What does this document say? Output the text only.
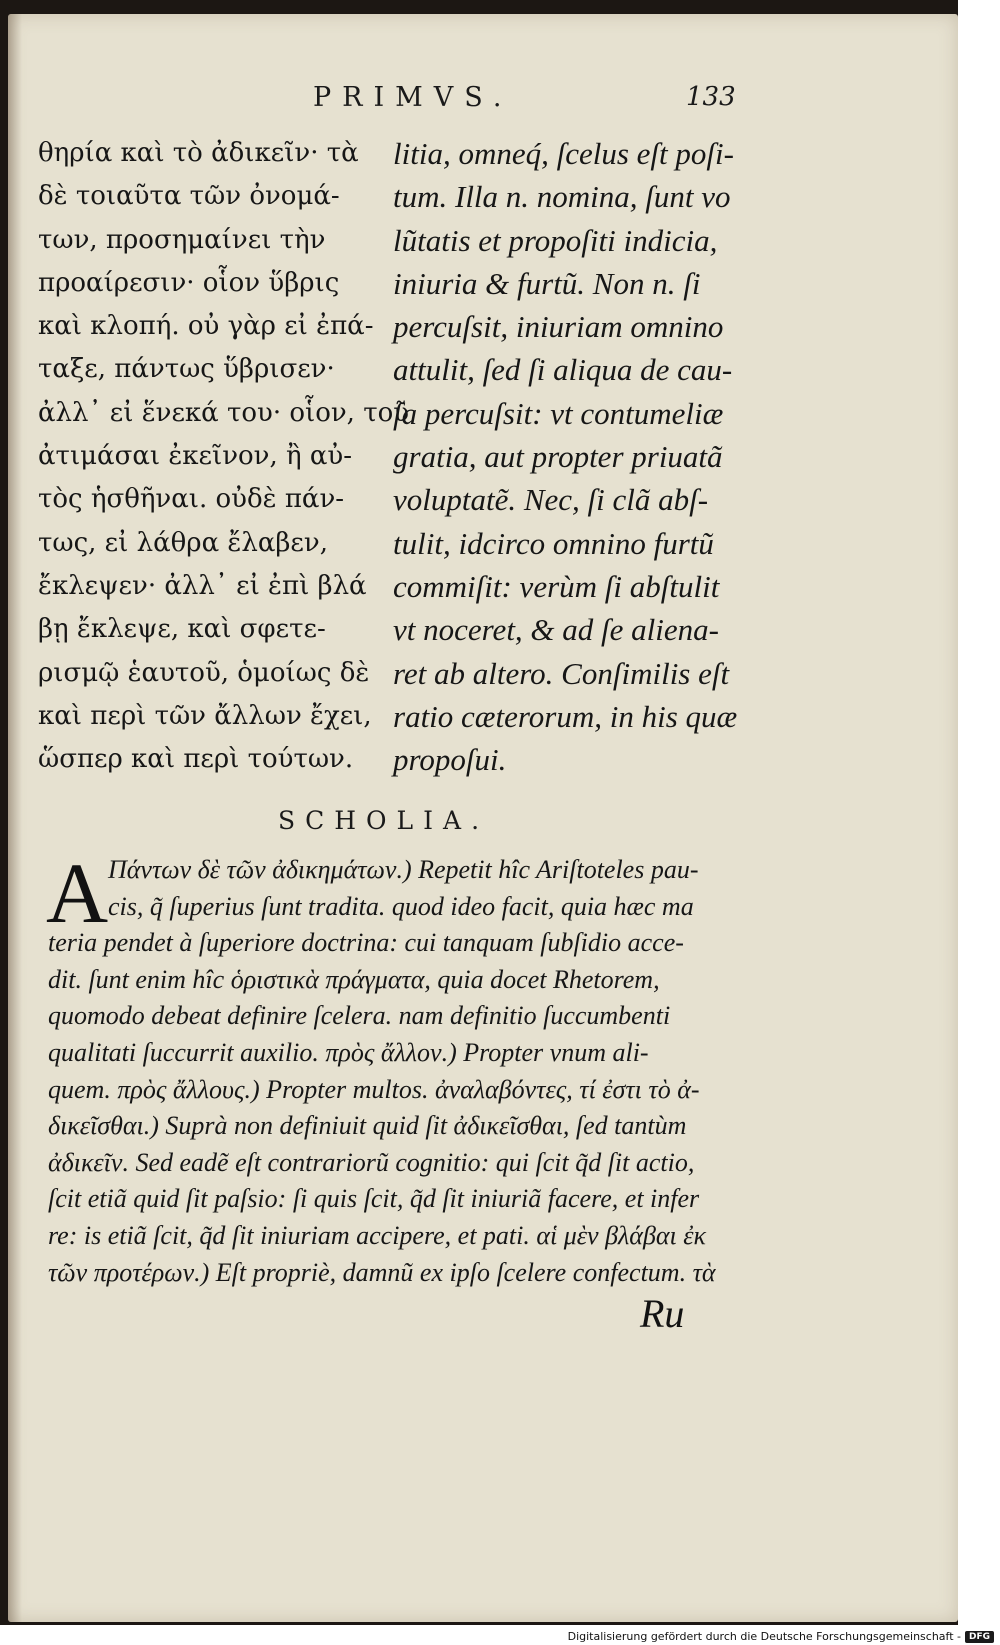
PRIMVS.	133
θηρία καὶ τὸ ἀδικεῖν· τὰ
δὲ τοιαῦτα τῶν ὀνομά-
των, προσημαίνει τὴν
προαίρεσιν· οἷον ὕβρις
καὶ κλοπή. οὐ γὰρ εἰ ἐπά-
ταξε, πάντως ὕβρισεν·
ἀλλ᾽ εἰ ἕνεκά του· οἷον, τοῦ
ἀτιμάσαι ἐκεῖνον, ἢ αὐ-
τὸς ἡσθῆναι. οὐδὲ πάν-
τως, εἰ λάθρα ἔλαβεν,
ἔκλεψεν· ἀλλ᾽ εἰ ἐπὶ βλά
βῃ ἔκλεψε, καὶ σφετε-
ρισμῷ ἑαυτοῦ, ὁμοίως δὲ
καὶ περὶ τῶν ἄλλων ἔχει,
ὥσπερ καὶ περὶ τούτων.
litia, omneq́, ſcelus eſt poſi-
tum. Illa n. nomina, ſunt vo
lũtatis et propoſiti indicia,
iniuria & furtũ. Non n. ſi
percuſsit, iniuriam omnino
attulit, ſed ſi aliqua de cau-
ſa percuſsit: vt contumeliæ
gratia, aut propter priuatã
voluptatẽ. Nec, ſi clã abſ-
tulit, idcirco omnino furtũ
commiſit: verùm ſi abſtulit
vt noceret, & ad ſe aliena-
ret ab altero. Conſimilis eſt
ratio cæterorum, in his quæ
propoſui.
SCHOLIA.
A Πάντων δὲ τῶν ἀδικημάτων.) Repetit hîc Ariſtoteles pau-
cis, q̃ ſuperius ſunt tradita. quod ideo facit, quia hæc ma
teria pendet à ſuperiore doctrina: cui tanquam ſubſidio acce-
dit. ſunt enim hîc ὁριστικὰ πράγματα, quia docet Rhetorem,
quomodo debeat definire ſcelera. nam definitio ſuccumbenti
qualitati ſuccurrit auxilio. πρὸς ἄλλον.) Propter vnum ali-
quem. πρὸς ἄλλους.) Propter multos. ἀναλαβόντες, τί ἐστι τὸ ἀ-
δικεῖσθαι.) Suprà non definiuit quid ſit ἀδικεῖσθαι, ſed tantùm
ἀδικεῖν. Sed eadẽ eſt contrariorũ cognitio: qui ſcit q̃d ſit actio,
ſcit etiã quid ſit paſsio: ſi quis ſcit, q̃d ſit iniuriã facere, et infer
re: is etiã ſcit, q̃d ſit iniuriam accipere, et pati. αἱ μὲν βλάβαι ἐκ
τῶν προτέρων.) Eſt propriè, damnũ ex ipſo ſcelere confectum. τὰ
Ru
Digitalisierung gefördert durch die Deutsche Forschungsgemeinschaft - DFG
